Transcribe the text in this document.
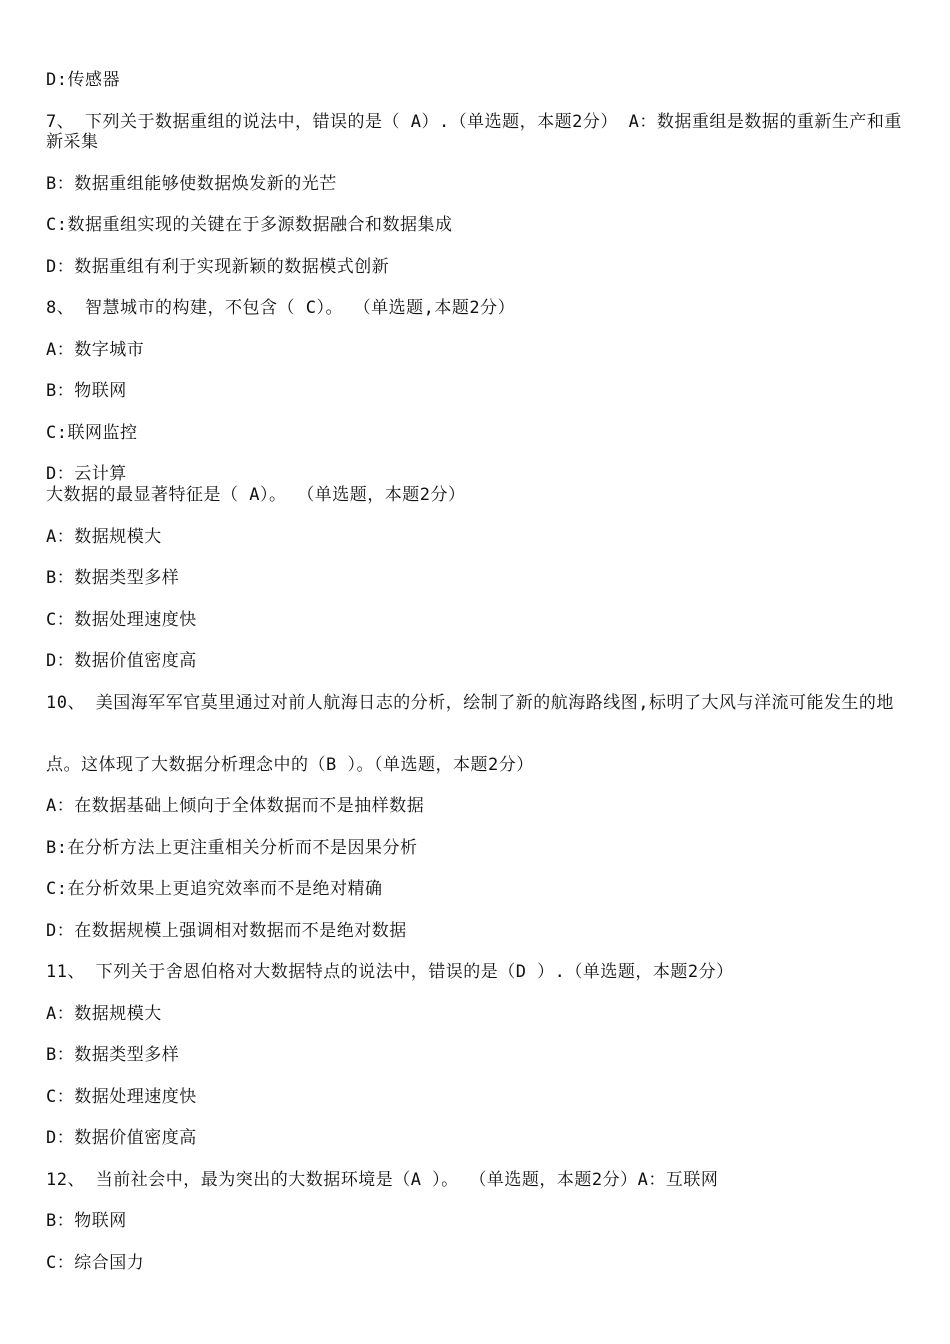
D:传感器
7、 下列关于数据重组的说法中，错误的是（ A）.（单选题，本题2分） A：数据重组是数据的重新生产和重新采集
B：数据重组能够使数据焕发新的光芒
C:数据重组实现的关键在于多源数据融合和数据集成
D：数据重组有利于实现新颖的数据模式创新
8、 智慧城市的构建，不包含（ C）。 （单选题,本题2分）
A：数字城市
B：物联网
C:联网监控
D：云计算
大数据的最显著特征是（ A）。 （单选题，本题2分）
A：数据规模大
B：数据类型多样
C：数据处理速度快
D：数据价值密度高
10、 美国海军军官莫里通过对前人航海日志的分析，绘制了新的航海路线图,标明了大风与洋流可能发生的地
点。这体现了大数据分析理念中的（B ）。（单选题，本题2分）
A：在数据基础上倾向于全体数据而不是抽样数据
B:在分析方法上更注重相关分析而不是因果分析
C:在分析效果上更追究效率而不是绝对精确
D：在数据规模上强调相对数据而不是绝对数据
11、 下列关于舍恩伯格对大数据特点的说法中，错误的是（D ）.（单选题，本题2分）
A：数据规模大
B：数据类型多样
C：数据处理速度快
D：数据价值密度高
12、 当前社会中，最为突出的大数据环境是（A ）。 （单选题，本题2分）A：互联网
B：物联网
C：综合国力
